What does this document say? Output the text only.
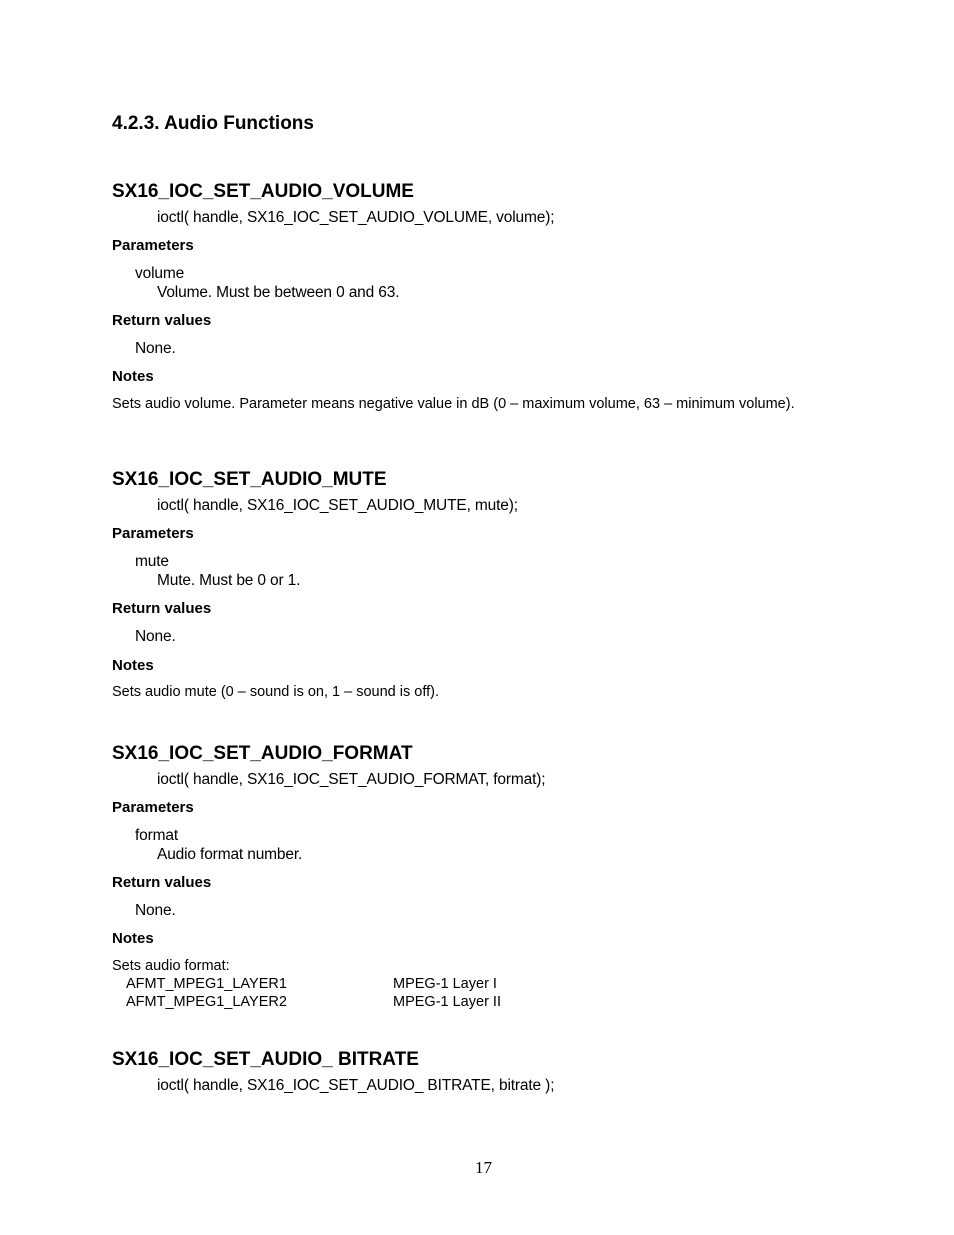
4.2.3. Audio Functions
SX16_IOC_SET_AUDIO_VOLUME
ioctl( handle, SX16_IOC_SET_AUDIO_VOLUME, volume);
Parameters
volume
Volume. Must be between 0 and 63.
Return values
None.
Notes
Sets audio volume. Parameter means negative value in dB (0 – maximum volume, 63 – minimum volume).
SX16_IOC_SET_AUDIO_MUTE
ioctl( handle, SX16_IOC_SET_AUDIO_MUTE, mute);
Parameters
mute
Mute. Must be 0 or 1.
Return values
None.
Notes
Sets audio mute (0 – sound is on, 1 – sound is off).
SX16_IOC_SET_AUDIO_FORMAT
ioctl( handle, SX16_IOC_SET_AUDIO_FORMAT, format);
Parameters
format
Audio format number.
Return values
None.
Notes
Sets audio format:
AFMT_MPEG1_LAYER1	MPEG-1 Layer I
AFMT_MPEG1_LAYER2	MPEG-1 Layer II
SX16_IOC_SET_AUDIO_ BITRATE
ioctl( handle, SX16_IOC_SET_AUDIO_ BITRATE, bitrate );
17
